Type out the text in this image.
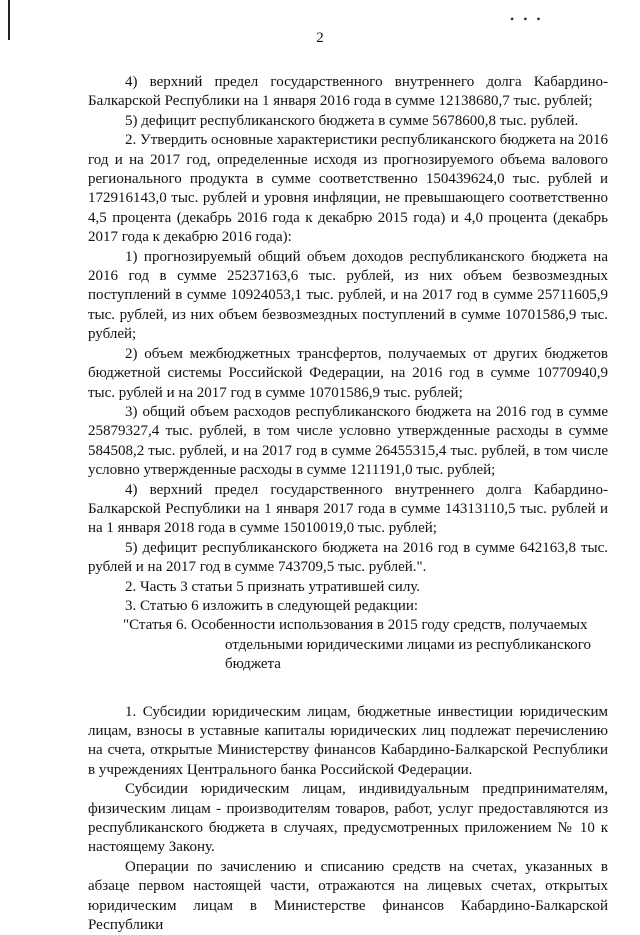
• • •
2

4) верхний предел государственного внутреннего долга Кабардино-Балкарской Республики на 1 января 2016 года в сумме 12138680,7 тыс. рублей;

5) дефицит республиканского бюджета в сумме 5678600,8 тыс. рублей.

2. Утвердить основные характеристики республиканского бюджета на 2016 год и на 2017 год, определенные исходя из прогнозируемого объема валового регионального продукта в сумме соответственно 150439624,0 тыс. рублей и 172916143,0 тыс. рублей и уровня инфляции, не превышающего соответственно 4,5 процента (декабрь 2016 года к декабрю 2015 года) и 4,0 процента (декабрь 2017 года к декабрю 2016 года):

1) прогнозируемый общий объем доходов республиканского бюджета на 2016 год в сумме 25237163,6 тыс. рублей, из них объем безвозмездных поступлений в сумме 10924053,1 тыс. рублей, и на 2017 год в сумме 25711605,9 тыс. рублей, из них объем безвозмездных поступлений в сумме 10701586,9 тыс. рублей;

2) объем межбюджетных трансфертов, получаемых от других бюджетов бюджетной системы Российской Федерации, на 2016 год в сумме 10770940,9 тыс. рублей и на 2017 год в сумме 10701586,9 тыс. рублей;

3) общий объем расходов республиканского бюджета на 2016 год в сумме 25879327,4 тыс. рублей, в том числе условно утвержденные расходы в сумме 584508,2 тыс. рублей, и на 2017 год в сумме 26455315,4 тыс. рублей, в том числе условно утвержденные расходы в сумме 1211191,0 тыс. рублей;

4) верхний предел государственного внутреннего долга Кабардино-Балкарской Республики на 1 января 2017 года в сумме 14313110,5 тыс. рублей и на 1 января 2018 года в сумме 15010019,0 тыс. рублей;

5) дефицит республиканского бюджета на 2016 год в сумме 642163,8 тыс. рублей и на 2017 год в сумме 743709,5 тыс. рублей.".

2. Часть 3 статьи 5 признать утратившей силу.

3. Статью 6 изложить в следующей редакции:

"Статья 6. Особенности использования в 2015 году средств, получаемых
отдельными юридическими лицами из республиканского
бюджета

1. Субсидии юридическим лицам, бюджетные инвестиции юридическим лицам, взносы в уставные капиталы юридических лиц подлежат перечислению на счета, открытые Министерству финансов Кабардино-Балкарской Республики в учреждениях Центрального банка Российской Федерации.

Субсидии юридическим лицам, индивидуальным предпринимателям, физическим лицам - производителям товаров, работ, услуг предоставляются из республиканского бюджета в случаях, предусмотренных приложением № 10 к настоящему Закону.

Операции по зачислению и списанию средств на счетах, указанных в абзаце первом настоящей части, отражаются на лицевых счетах, открытых юридическим лицам в Министерстве финансов Кабардино-Балкарской Республики
